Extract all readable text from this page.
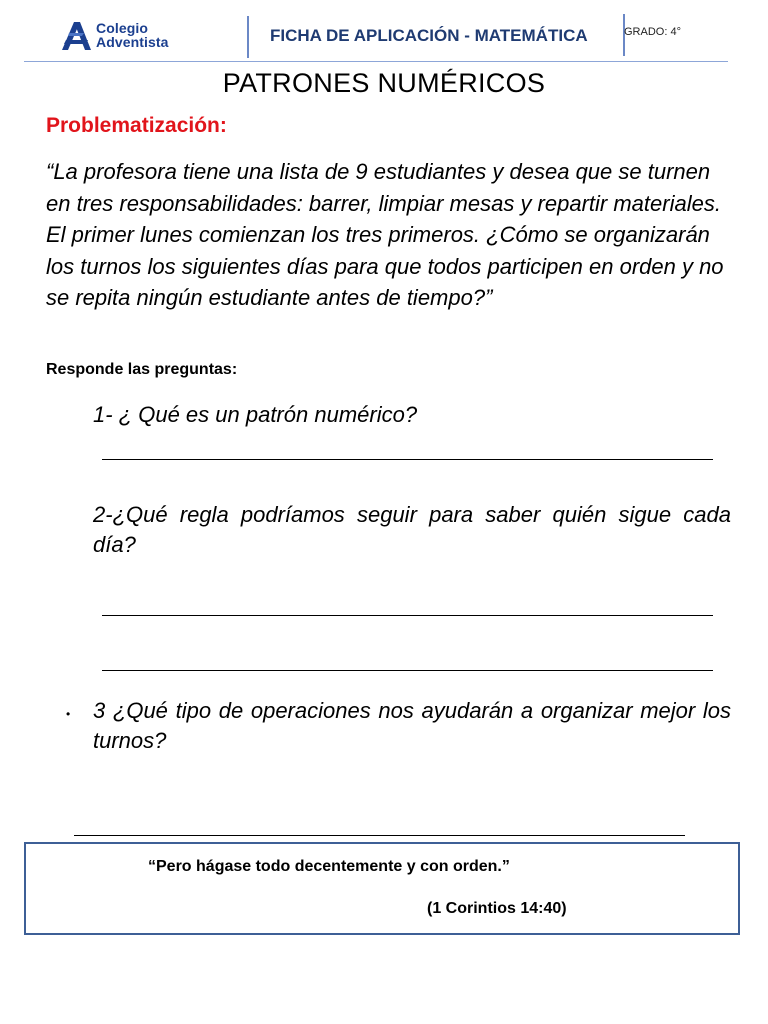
Colegio
Adventista	FICHA DE APLICACIÓN - MATEMÁTICA	GRADO: 4°
PATRONES NUMÉRICOS
Problematización:
“La profesora tiene una lista de 9 estudiantes y desea que se turnen en tres responsabilidades: barrer, limpiar mesas y repartir materiales. El primer lunes comienzan los tres primeros. ¿Cómo se organizarán los turnos los siguientes días para que todos participen en orden y no se repita ningún estudiante antes de tiempo?”
Responde las preguntas:
1- ¿ Qué es un patrón numérico?
2-¿Qué regla podríamos seguir para saber quién sigue cada día?
• 3 ¿Qué tipo de operaciones nos ayudarán a organizar mejor los turnos?
“Pero hágase todo decentemente y con orden.”
(1 Corintios 14:40)
